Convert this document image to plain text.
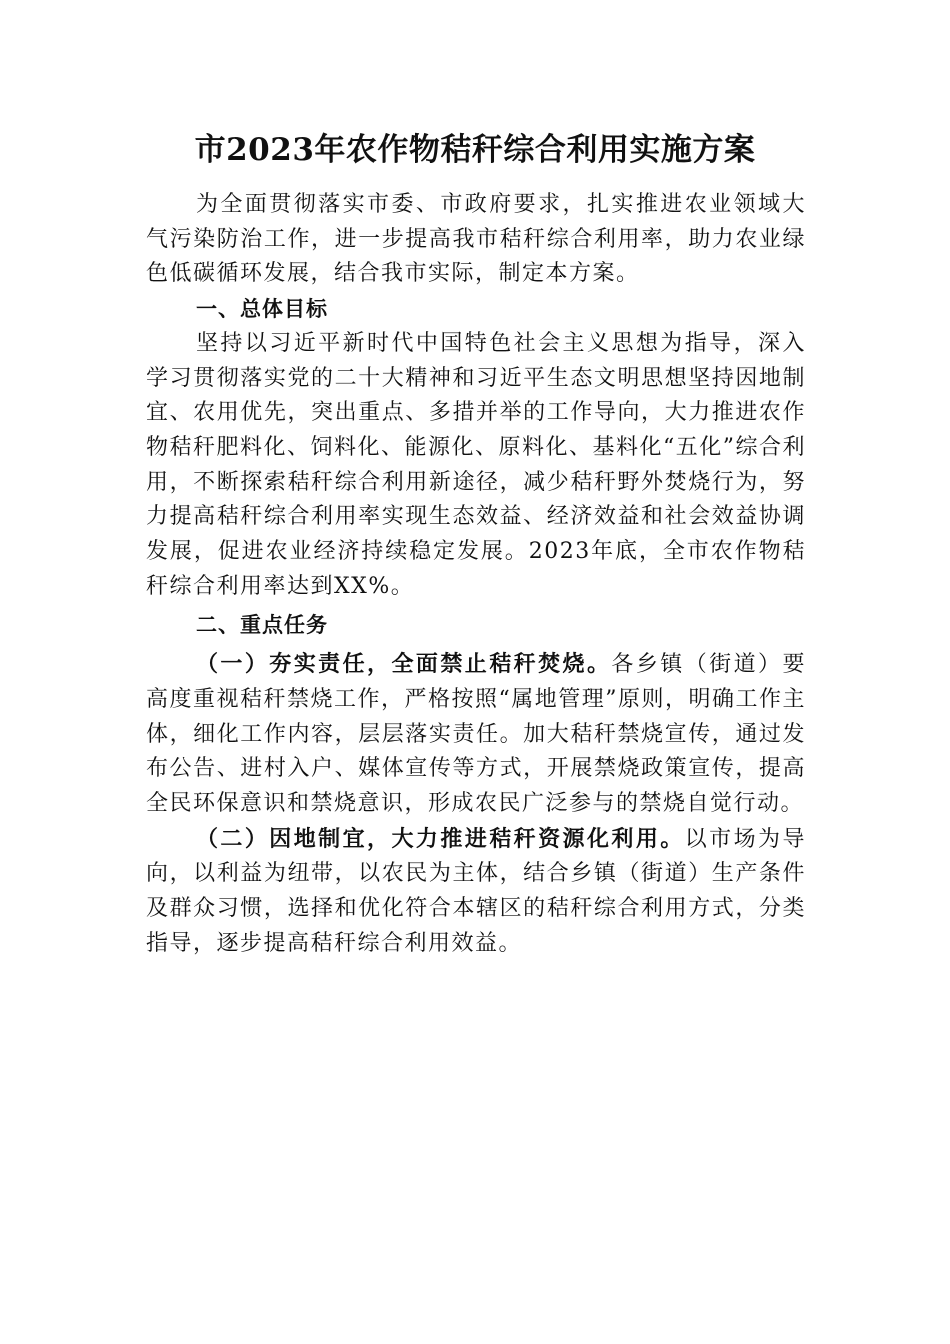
市2023年农作物秸秆综合利用实施方案

为全面贯彻落实市委、市政府要求，扎实推进农业领域大气污染防治工作，进一步提高我市秸秆综合利用率，助力农业绿色低碳循环发展，结合我市实际，制定本方案。

一、总体目标

坚持以习近平新时代中国特色社会主义思想为指导，深入学习贯彻落实党的二十大精神和习近平生态文明思想坚持因地制宜、农用优先，突出重点、多措并举的工作导向，大力推进农作物秸秆肥料化、饲料化、能源化、原料化、基料化“五化”综合利用，不断探索秸秆综合利用新途径，减少秸秆野外焚烧行为，努力提高秸秆综合利用率实现生态效益、经济效益和社会效益协调发展，促进农业经济持续稳定发展。2023年底，全市农作物秸秆综合利用率达到XX%。

二、重点任务

（一）夯实责任，全面禁止秸秆焚烧。各乡镇（街道）要高度重视秸秆禁烧工作，严格按照“属地管理”原则，明确工作主体，细化工作内容，层层落实责任。加大秸秆禁烧宣传，通过发布公告、进村入户、媒体宣传等方式，开展禁烧政策宣传，提高全民环保意识和禁烧意识，形成农民广泛参与的禁烧自觉行动。

（二）因地制宜，大力推进秸秆资源化利用。以市场为导向，以利益为纽带，以农民为主体，结合乡镇（街道）生产条件及群众习惯，选择和优化符合本辖区的秸秆综合利用方式，分类指导，逐步提高秸秆综合利用效益。
